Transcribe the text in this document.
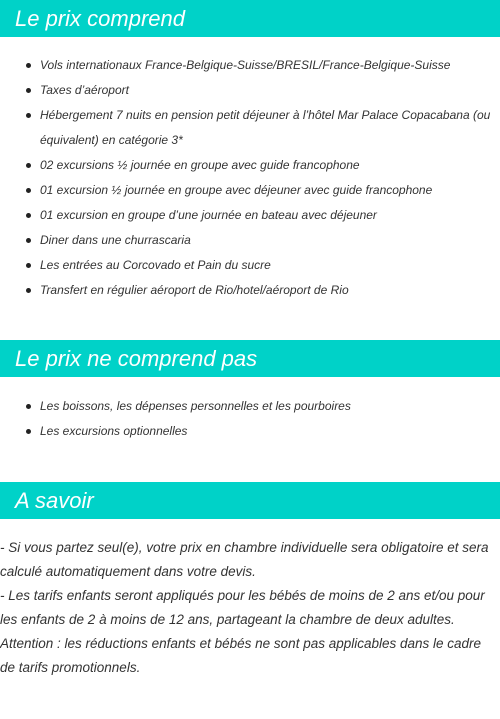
Le prix comprend
Vols internationaux France-Belgique-Suisse/BRESIL/France-Belgique-Suisse
Taxes d’aéroport
Hébergement 7 nuits en pension petit déjeuner à l’hôtel Mar Palace Copacabana (ou équivalent) en catégorie 3*
02 excursions ½ journée en groupe avec guide francophone
01 excursion ½ journée en groupe avec déjeuner avec guide francophone
01 excursion en groupe d’une journée en bateau avec déjeuner
Diner dans une churrascaria
Les entrées au Corcovado et Pain du sucre
Transfert en régulier aéroport de Rio/hotel/aéroport de Rio
Le prix ne comprend pas
Les boissons, les dépenses personnelles et les pourboires
Les excursions optionnelles
A savoir

- Si vous partez seul(e), votre prix en chambre individuelle sera obligatoire et sera calculé automatiquement dans votre devis.

- Les tarifs enfants seront appliqués pour les bébés de moins de 2 ans et/ou pour les enfants de 2 à moins de 12 ans, partageant la chambre de deux adultes.

Attention : les réductions enfants et bébés ne sont pas applicables dans le cadre de tarifs promotionnels.
